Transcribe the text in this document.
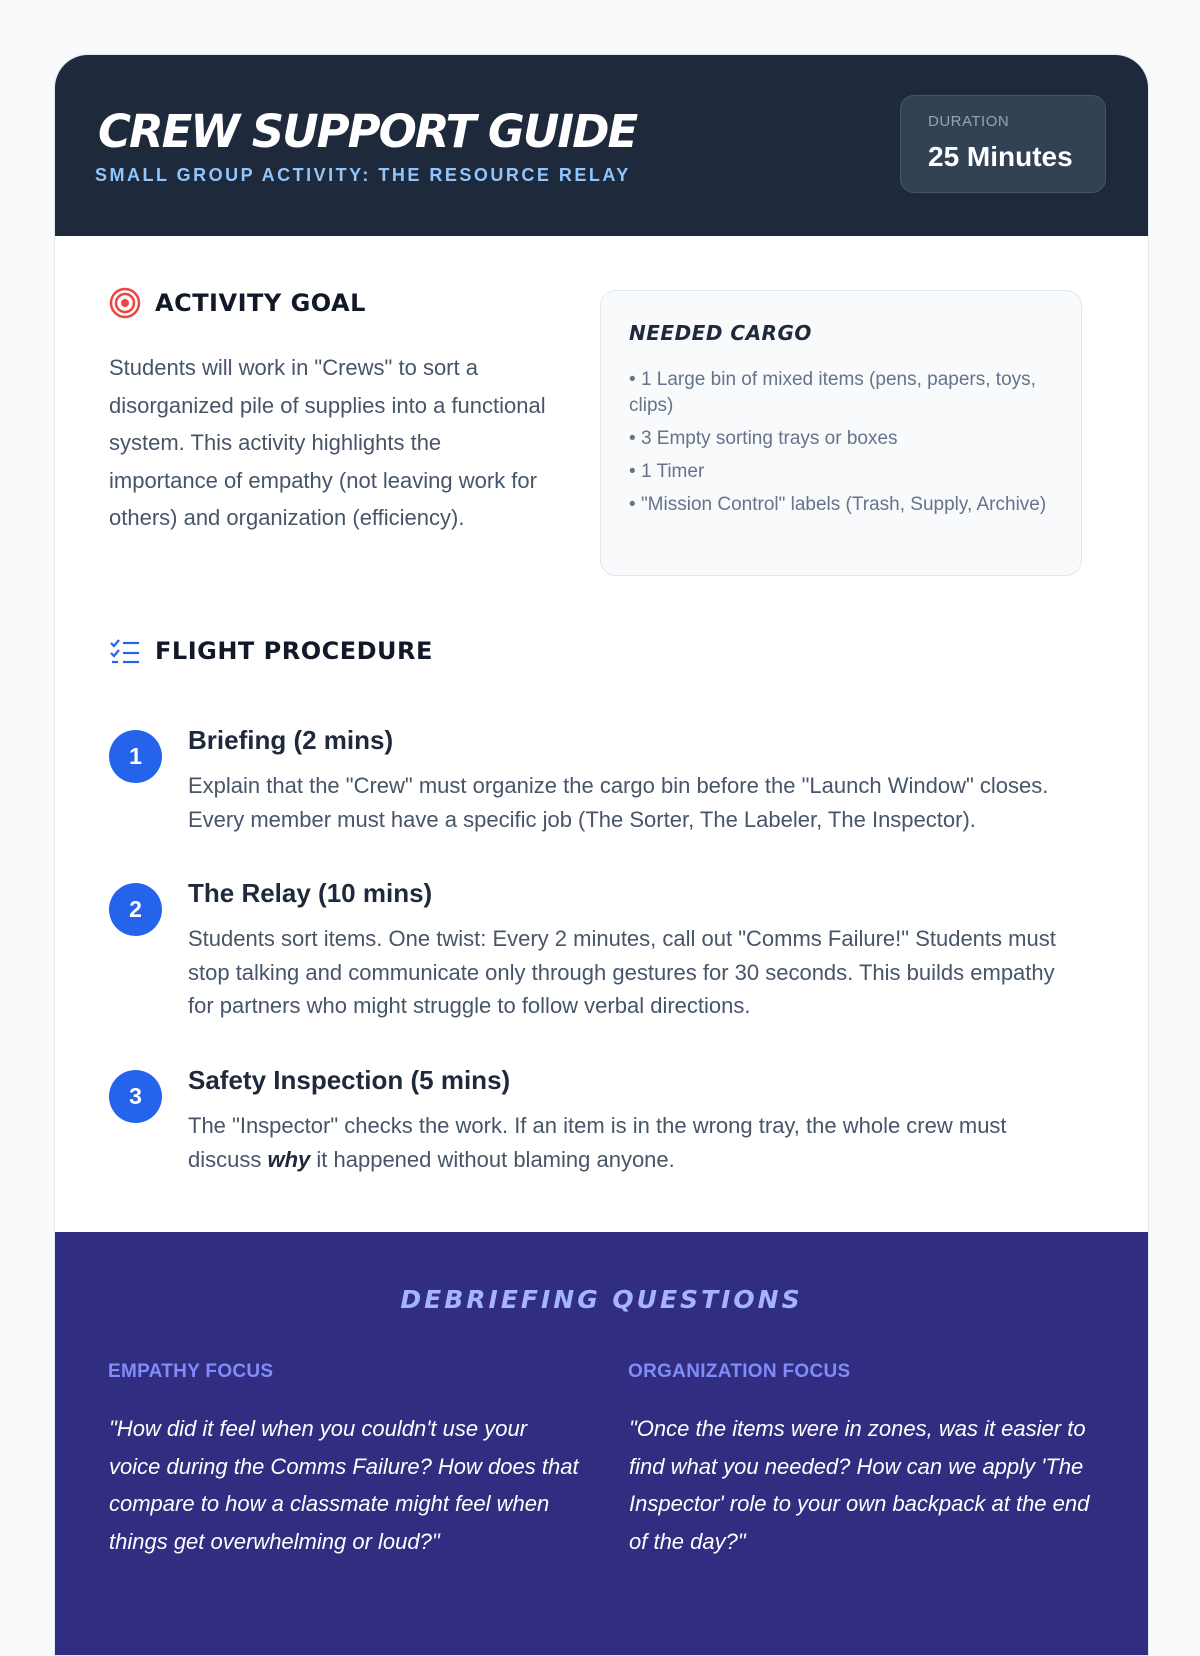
CREW SUPPORT GUIDE
SMALL GROUP ACTIVITY: THE RESOURCE RELAY
DURATION
25 Minutes
ACTIVITY GOAL

Students will work in "Crews" to sort a disorganized pile of supplies into a functional system. This activity highlights the importance of empathy (not leaving work for others) and organization (efficiency).

NEEDED CARGO
• 1 Large bin of mixed items (pens, papers, toys, clips)
• 3 Empty sorting trays or boxes
• 1 Timer
• "Mission Control" labels (Trash, Supply, Archive)
FLIGHT PROCEDURE
1
Briefing (2 mins)

Explain that the "Crew" must organize the cargo bin before the "Launch Window" closes. Every member must have a specific job (The Sorter, The Labeler, The Inspector).

2
The Relay (10 mins)

Students sort items. One twist: Every 2 minutes, call out "Comms Failure!" Students must stop talking and communicate only through gestures for 30 seconds. This builds empathy for partners who might struggle to follow verbal directions.

3
Safety Inspection (5 mins)

The "Inspector" checks the work. If an item is in the wrong tray, the whole crew must discuss why it happened without blaming anyone.

DEBRIEFING QUESTIONS
EMPATHY FOCUS

"How did it feel when you couldn't use your voice during the Comms Failure? How does that compare to how a classmate might feel when things get overwhelming or loud?"

ORGANIZATION FOCUS

"Once the items were in zones, was it easier to find what you needed? How can we apply 'The Inspector' role to your own backpack at the end of the day?"
